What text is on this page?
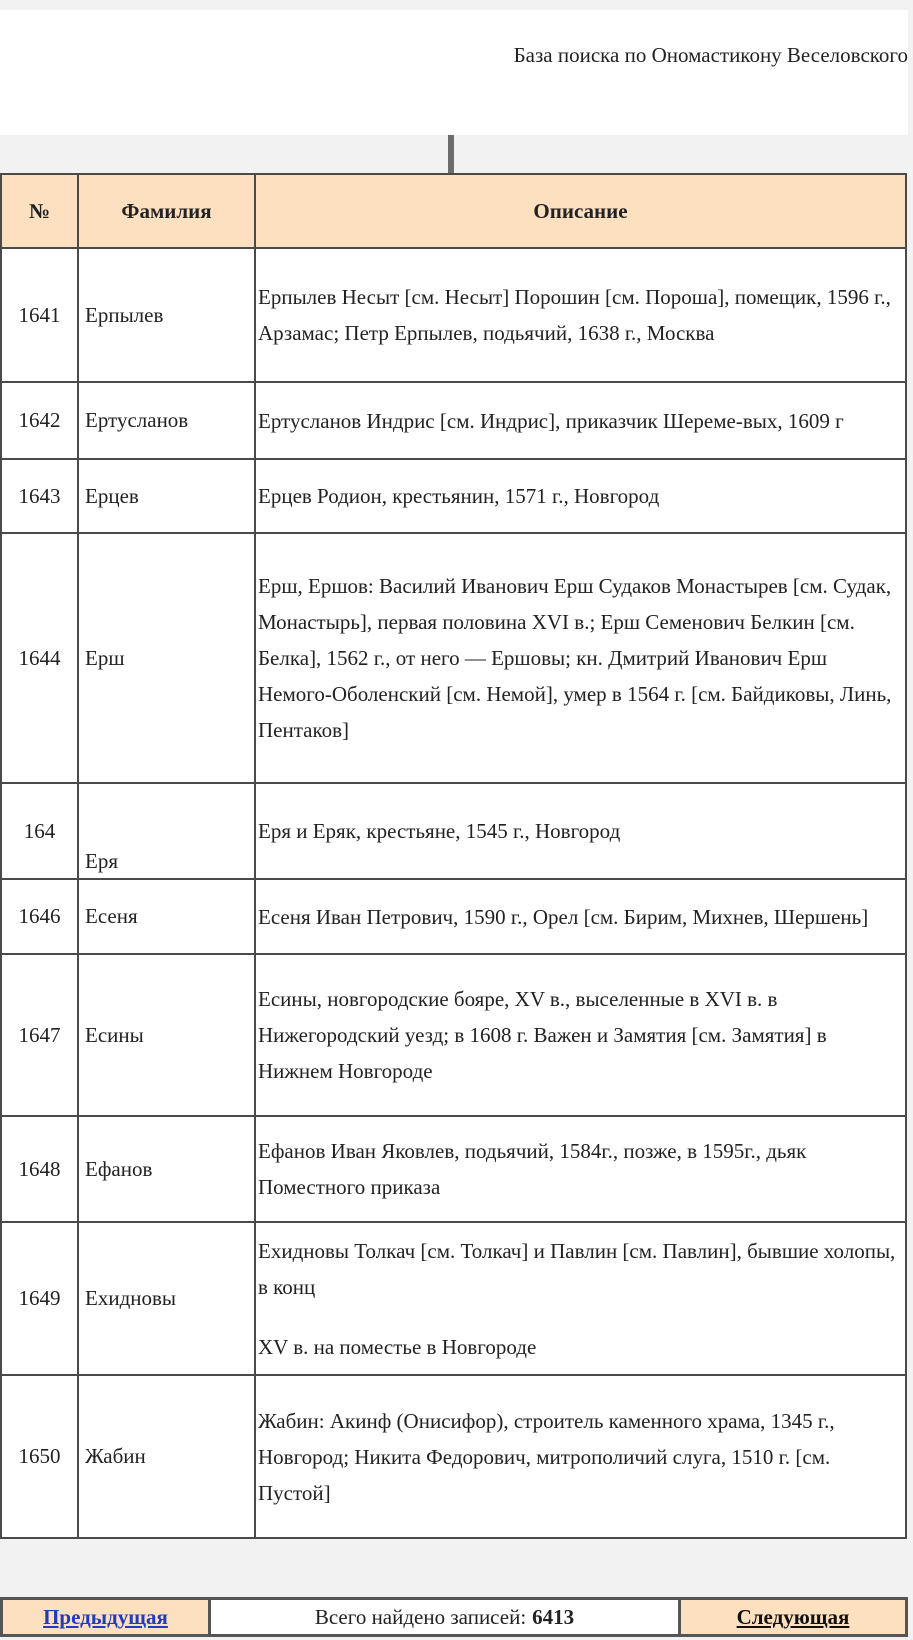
База поиска по Ономастикону Веселовского
№	Фамилия	Описание
1641	Ерпылев	Ерпылев Несыт [см. Несыт] Порошин [см. Пороша], помещик, 1596 г., Арзамас; Петр Ерпылев, подьячий, 1638 г., Москва

1642	Ертусланов	Ертусланов Индрис [см. Индрис], приказчик Шереме-вых, 1609 г

1643	Ерцев	Ерцев Родион, крестьянин, 1571 г., Новгород

1644	Ерш	Ерш, Ершов: Василий Иванович Ерш Судаков Монастырев [см. Судак, Монастырь], первая половина XVI в.; Ерш Семенович Белкин [см. Белка], 1562 г., от него — Ершовы; кн. Дмитрий Иванович Ерш Немого-Оболенский [см. Немой], умер в 1564 г. [см. Байдиковы, Линь, Пентаков]

164	Еря	Еря и Еряк, крестьяне, 1545 г., Новгород

1646	Есеня	Есеня Иван Петрович, 1590 г., Орел [см. Бирим, Михнев, Шершень]

1647	Есины	Есины, новгородские бояре, XV в., выселенные в XVI в. в Нижегородский уезд; в 1608 г. Важен и Замятия [см. Замятия] в Нижнем Новгороде

1648	Ефанов	Ефанов Иван Яковлев, подьячий, 1584г., позже, в 1595г., дьяк Поместного приказа

1649	Ехидновы	Ехидновы Толкач [см. Толкач] и Павлин [см. Павлин], бывшие холопы, в конц

XV в. на поместье в Новгороде

1650	Жабин	Жабин: Акинф (Онисифор), строитель каменного храма, 1345 г., Новгород; Никита Федорович, митрополичий слуга, 1510 г. [см. Пустой]

Предыдущая	Всего найдено записей: 6413	Следующая
